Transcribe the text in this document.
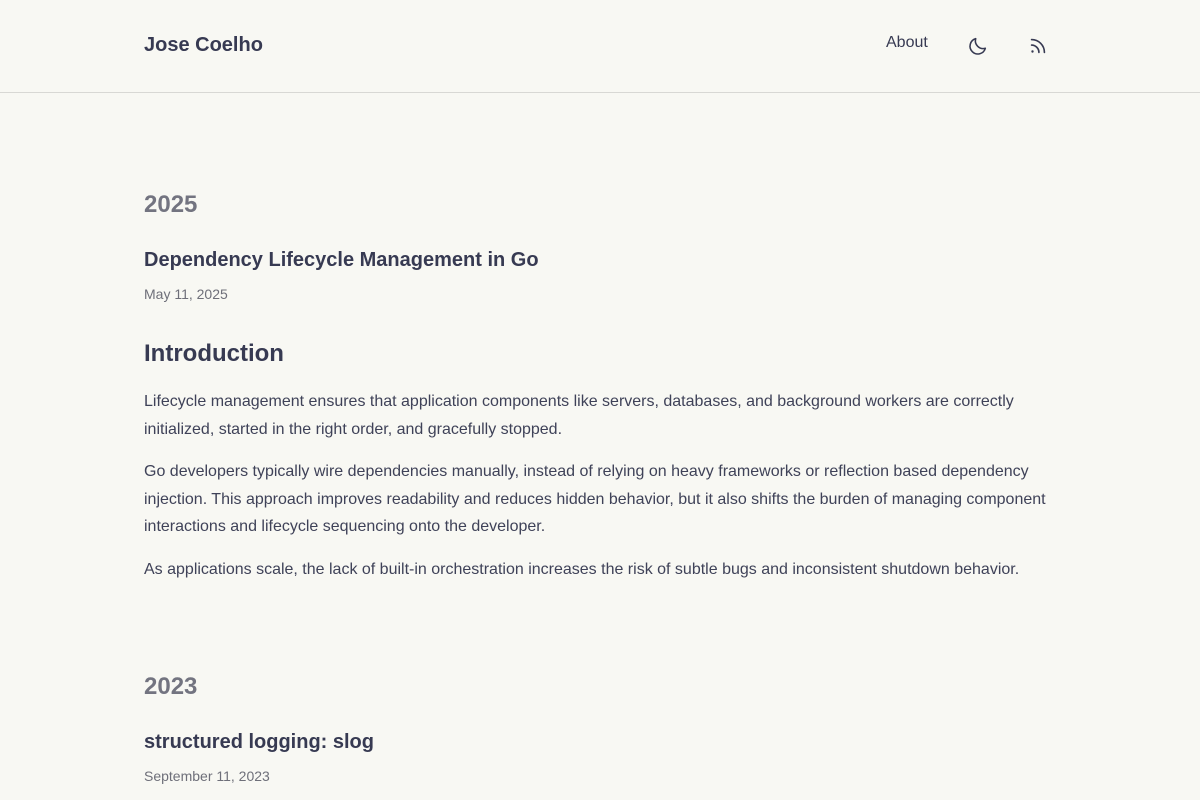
Jose Coelho	About
2025
Dependency Lifecycle Management in Go
May 11, 2025
Introduction

Lifecycle management ensures that application components like servers, databases, and background workers are correctly initialized, started in the right order, and gracefully stopped.

Go developers typically wire dependencies manually, instead of relying on heavy frameworks or reflection based dependency injection. This approach improves readability and reduces hidden behavior, but it also shifts the burden of managing component interactions and lifecycle sequencing onto the developer.

As applications scale, the lack of built-in orchestration increases the risk of subtle bugs and inconsistent shutdown behavior.

2023
structured logging: slog
September 11, 2023
